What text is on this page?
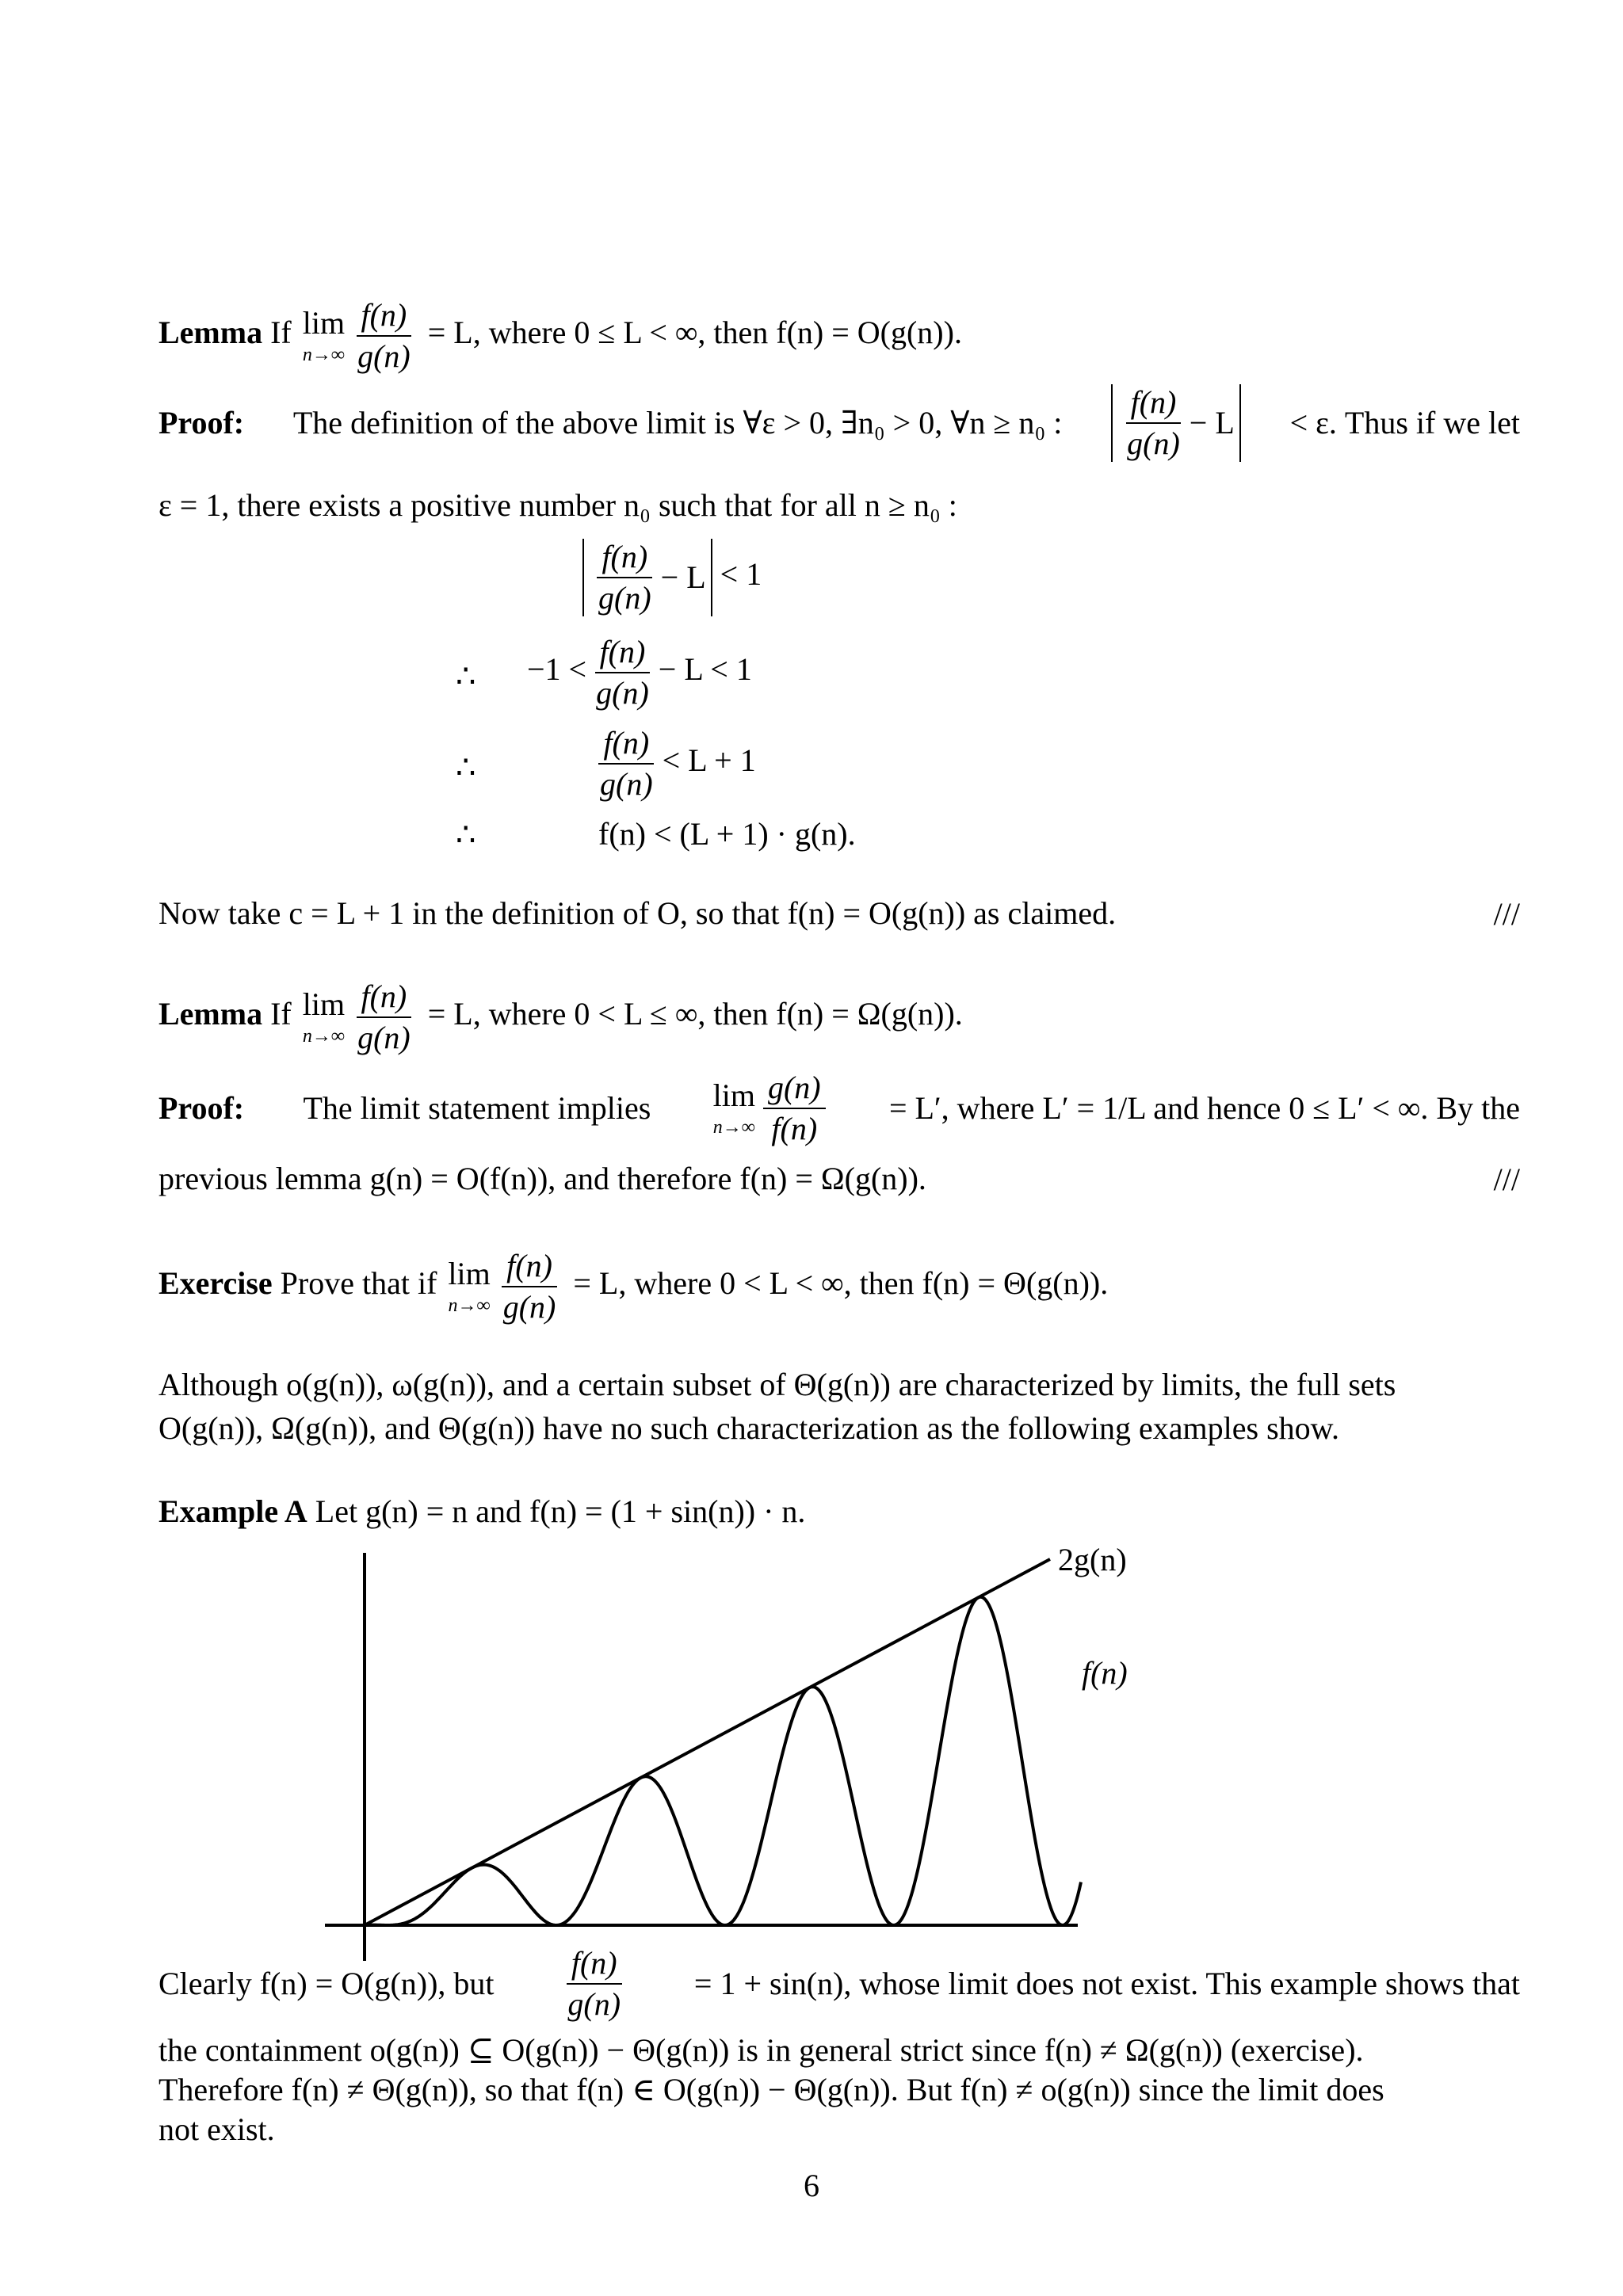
Lemma If lim
$n\to\infty \frac{f(n)}{g(n)} = L$, where 0 ≤ L < ∞, then f(n) = O(g(n)).
Proof: The definition of the above limit is ∀ε > 0, ∃n₀ > 0, ∀n ≥ n₀ : $\frac{f(n)}{g(n)} - L < \varepsilon$. Thus if we let
ε = 1, there exists a positive number n₀ such that for all n ≥ n₀ :
$\frac{f(n)}{g(n)} - L < 1$
∴ $-1 < \frac{f(n)}{g(n)} - L < 1$
∴	$\frac{f(n)}{g(n)} < L + 1$
∴	f(n) < (L + 1) · g(n).
Now take c = L + 1 in the definition of O, so that f(n) = O(g(n)) as claimed.	///
Lemma If lim
$n\to\infty \frac{f(n)}{g(n)} = L$, where 0 < L ≤ ∞, then f(n) = Ω(g(n)).
Proof: The limit statement implies lim
$n\to\infty \frac{g(n)}{f(n)} = L'$, where L′ = 1/L and hence 0 ≤ L′ < ∞. By the
previous lemma g(n) = O(f(n)), and therefore f(n) = Ω(g(n)).	///
Exercise Prove that if lim
$n\to\infty \frac{f(n)}{g(n)} = L$, where 0 < L < ∞, then f(n) = Θ(g(n)).
Although o(g(n)), ω(g(n)), and a certain subset of Θ(g(n)) are characterized by limits, the full sets
O(g(n)), Ω(g(n)), and Θ(g(n)) have no such characterization as the following examples show.
Example A Let g(n) = n and f(n) = (1 + sin(n)) · n.
2g(n)
f(n)
Clearly f(n) = O(g(n)), but $\frac{f(n)}{g(n)} = 1 + \sin(n)$, whose limit does not exist. This example shows that
the containment o(g(n)) ⊆ O(g(n)) − Θ(g(n)) is in general strict since f(n) ≠ Ω(g(n)) (exercise).
Therefore f(n) ≠ Θ(g(n)), so that f(n) ∈ O(g(n)) − Θ(g(n)). But f(n) ≠ o(g(n)) since the limit does
not exist.
6
